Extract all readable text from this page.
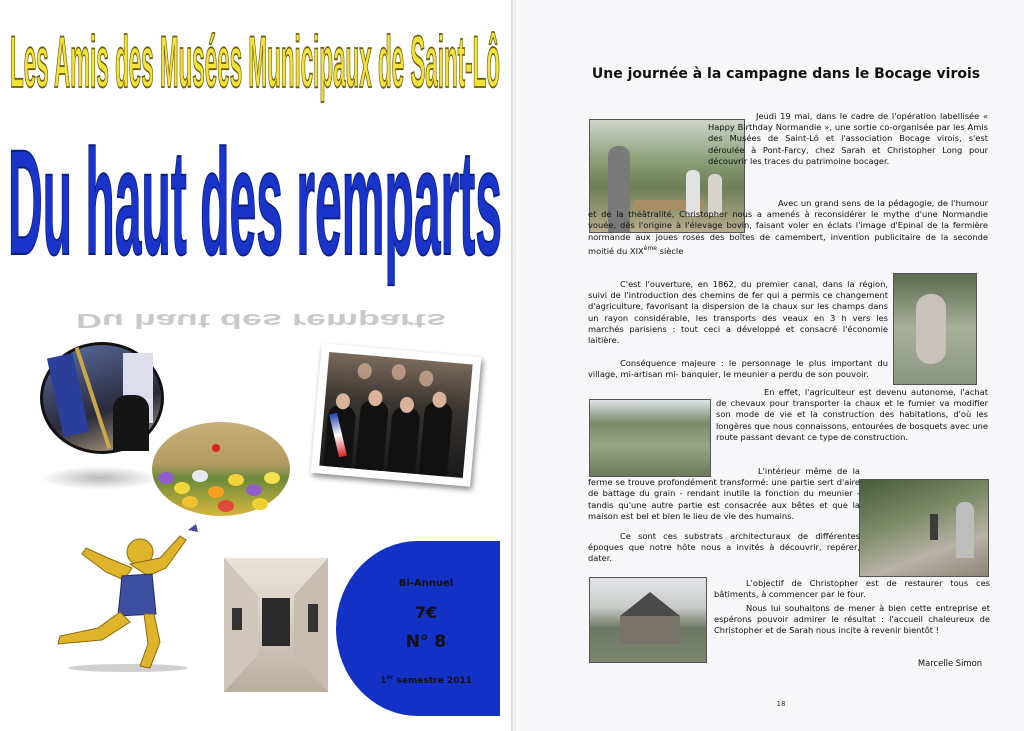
Les Amis des Musées Municipaux de Saint-Lô
Du haut des remparts
Du haut des remparts
Bi-Annuel
7€
N° 8
1er semestre 2011
Une journée à la campagne dans le Bocage virois
Jeudi 19 mai, dans le cadre de l'opération labellisée « Happy Birthday Normandie », une sortie co-organisée par les Amis des Musées de Saint-Lô et l'association Bocage virois, s'est déroulée à Pont-Farcy, chez Sarah et Christopher Long pour découvrir les traces du patrimoine bocager.
Avec un grand sens de la pédagogie, de l'humour et de la théâtralité, Christopher nous a amenés à reconsidérer le mythe d'une Normandie vouée, dès l'origine à l'élevage bovin, faisant voler en éclats l'image d'Epinal de la fermière normande aux joues roses des boîtes de camembert, invention publicitaire de la seconde moitié du XIXème siècle
C'est l'ouverture, en 1862, du premier canal, dans la région, suivi de l'introduction des chemins de fer qui a permis ce changement d'agriculture, favorisant la dispersion de la chaux sur les champs dans un rayon considérable, les transports des veaux en 3 h vers les marchés parisiens : tout ceci a développé et consacré l'économie laitière.
Conséquence majeure : le personnage le plus important du village, mi-artisan mi- banquier, le meunier a perdu de son pouvoir.
En effet, l'agriculteur est devenu autonome, l'achat de chevaux pour transporter la chaux et le fumier va modifier son mode de vie et la construction des habitations, d'où les longères que nous connaissons, entourées de bosquets avec une route passant devant ce type de construction.
L'intérieur même de la ferme se trouve profondément transformé: une partie sert d'aire de battage du grain - rendant inutile la fonction du meunier - tandis qu'une autre partie est consacrée aux bêtes et que la maison est bel et bien le lieu de vie des humains.
Ce sont ces substrats architecturaux de différentes époques que notre hôte nous a invités à découvrir, repérer, dater.
L'objectif de Christopher est de restaurer tous ces bâtiments, à commencer par le four.
Nous lui souhaitons de mener à bien cette entreprise et espérons pouvoir admirer le résultat : l'accueil chaleureux de Christopher et de Sarah nous incite à revenir bientôt !
Marcelle Simon
18
